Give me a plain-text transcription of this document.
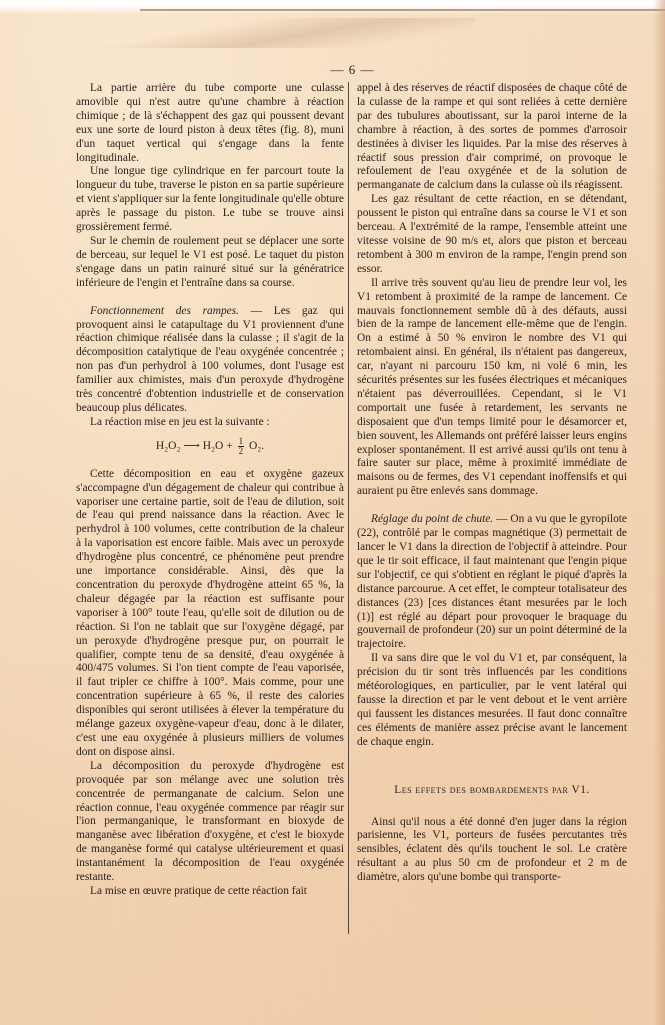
— 6 —

La partie arrière du tube comporte une culasse amovible qui n'est autre qu'une chambre à réaction chimique ; de là s'échappent des gaz qui poussent devant eux une sorte de lourd piston à deux têtes (fig. 8), muni d'un taquet vertical qui s'engage dans la fente longitudinale.

Une longue tige cylindrique en fer parcourt toute la longueur du tube, traverse le piston en sa partie supérieure et vient s'appliquer sur la fente longitudinale qu'elle obture après le passage du piston. Le tube se trouve ainsi grossièrement fermé.

Sur le chemin de roulement peut se déplacer une sorte de berceau, sur lequel le V1 est posé. Le taquet du piston s'engage dans un patin rainuré situé sur la génératrice inférieure de l'engin et l'entraîne dans sa course.

Fonctionnement des rampes. — Les gaz qui provoquent ainsi le catapultage du V1 proviennent d'une réaction chimique réalisée dans la culasse ; il s'agit de la décomposition catalytique de l'eau oxygénée concentrée ; non pas d'un perhydrol à 100 volumes, dont l'usage est familier aux chimistes, mais d'un peroxyde d'hydrogène très concentré d'obtention industrielle et de conservation beaucoup plus délicates.

La réaction mise en jeu est la suivante :

H₂O₂ ⟶ $H_2O + \frac{1}{2} O_2$.

Cette décomposition en eau et oxygène gazeux s'accompagne d'un dégagement de chaleur qui contribue à vaporiser une certaine partie, soit de l'eau de dilution, soit de l'eau qui prend naissance dans la réaction. Avec le perhydrol à 100 volumes, cette contribution de la chaleur à la vaporisation est encore faible. Mais avec un peroxyde d'hydrogène plus concentré, ce phénomène peut prendre une importance considérable. Ainsi, dès que la concentration du peroxyde d'hydrogène atteint 65 %, la chaleur dégagée par la réaction est suffisante pour vaporiser à 100° toute l'eau, qu'elle soit de dilution ou de réaction. Si l'on ne tablait que sur l'oxygène dégagé, par un peroxyde d'hydrogène presque pur, on pourrait le qualifier, compte tenu de sa densité, d'eau oxygénée à 400/475 volumes. Si l'on tient compte de l'eau vaporisée, il faut tripler ce chiffre à 100°. Mais comme, pour une concentration supérieure à 65 %, il reste des calories disponibles qui seront utilisées à élever la température du mélange gazeux oxygène-vapeur d'eau, donc à le dilater, c'est une eau oxygénée à plusieurs milliers de volumes dont on dispose ainsi.

La décomposition du peroxyde d'hydrogène est provoquée par son mélange avec une solution très concentrée de permanganate de calcium. Selon une réaction connue, l'eau oxygénée commence par réagir sur l'ion permanganique, le transformant en bioxyde de manganèse avec libération d'oxygène, et c'est le bioxyde de manganèse formé qui catalyse ultérieurement et quasi instantanément la décomposition de l'eau oxygénée restante.

La mise en œuvre pratique de cette réaction fait

appel à des réserves de réactif disposées de chaque côté de la culasse de la rampe et qui sont reliées à cette dernière par des tubulures aboutissant, sur la paroi interne de la chambre à réaction, à des sortes de pommes d'arrosoir destinées à diviser les liquides. Par la mise des réserves à réactif sous pression d'air comprimé, on provoque le refoulement de l'eau oxygénée et de la solution de permanganate de calcium dans la culasse où ils réagissent.

Les gaz résultant de cette réaction, en se détendant, poussent le piston qui entraîne dans sa course le V1 et son berceau. A l'extrémité de la rampe, l'ensemble atteint une vitesse voisine de 90 m/s et, alors que piston et berceau retombent à 300 m environ de la rampe, l'engin prend son essor.

Il arrive très souvent qu'au lieu de prendre leur vol, les V1 retombent à proximité de la rampe de lancement. Ce mauvais fonctionnement semble dû à des défauts, aussi bien de la rampe de lancement elle-même que de l'engin. On a estimé à 50 % environ le nombre des V1 qui retombaient ainsi. En général, ils n'étaient pas dangereux, car, n'ayant ni parcouru 150 km, ni volé 6 min, les sécurités présentes sur les fusées électriques et mécaniques n'étaient pas déverrouillées. Cependant, si le V1 comportait une fusée à retardement, les servants ne disposaient que d'un temps limité pour le désamorcer et, bien souvent, les Allemands ont préféré laisser leurs engins exploser spontanément. Il est arrivé aussi qu'ils ont tenu à faire sauter sur place, même à proximité immédiate de maisons ou de fermes, des V1 cependant inoffensifs et qui auraient pu être enlevés sans dommage.

Réglage du point de chute. — On a vu que le gyropilote (22), contrôlé par le compas magnétique (3) permettait de lancer le V1 dans la direction de l'objectif à atteindre. Pour que le tir soit efficace, il faut maintenant que l'engin pique sur l'objectif, ce qui s'obtient en réglant le piqué d'après la distance parcourue. A cet effet, le compteur totalisateur des distances (23) [ces distances étant mesurées par le loch (1)] est réglé au départ pour provoquer le braquage du gouvernail de profondeur (20) sur un point déterminé de la trajectoire.

Il va sans dire que le vol du V1 et, par conséquent, la précision du tir sont très influencés par les conditions météorologiques, en particulier, par le vent latéral qui fausse la direction et par le vent debout et le vent arrière qui faussent les distances mesurées. Il faut donc connaître ces éléments de manière assez précise avant le lancement de chaque engin.

Les effets des bombardements par V1.

Ainsi qu'il nous a été donné d'en juger dans la région parisienne, les V1, porteurs de fusées percutantes très sensibles, éclatent dès qu'ils touchent le sol. Le cratère résultant a au plus 50 cm de profondeur et 2 m de diamètre, alors qu'une bombe qui transporte-
